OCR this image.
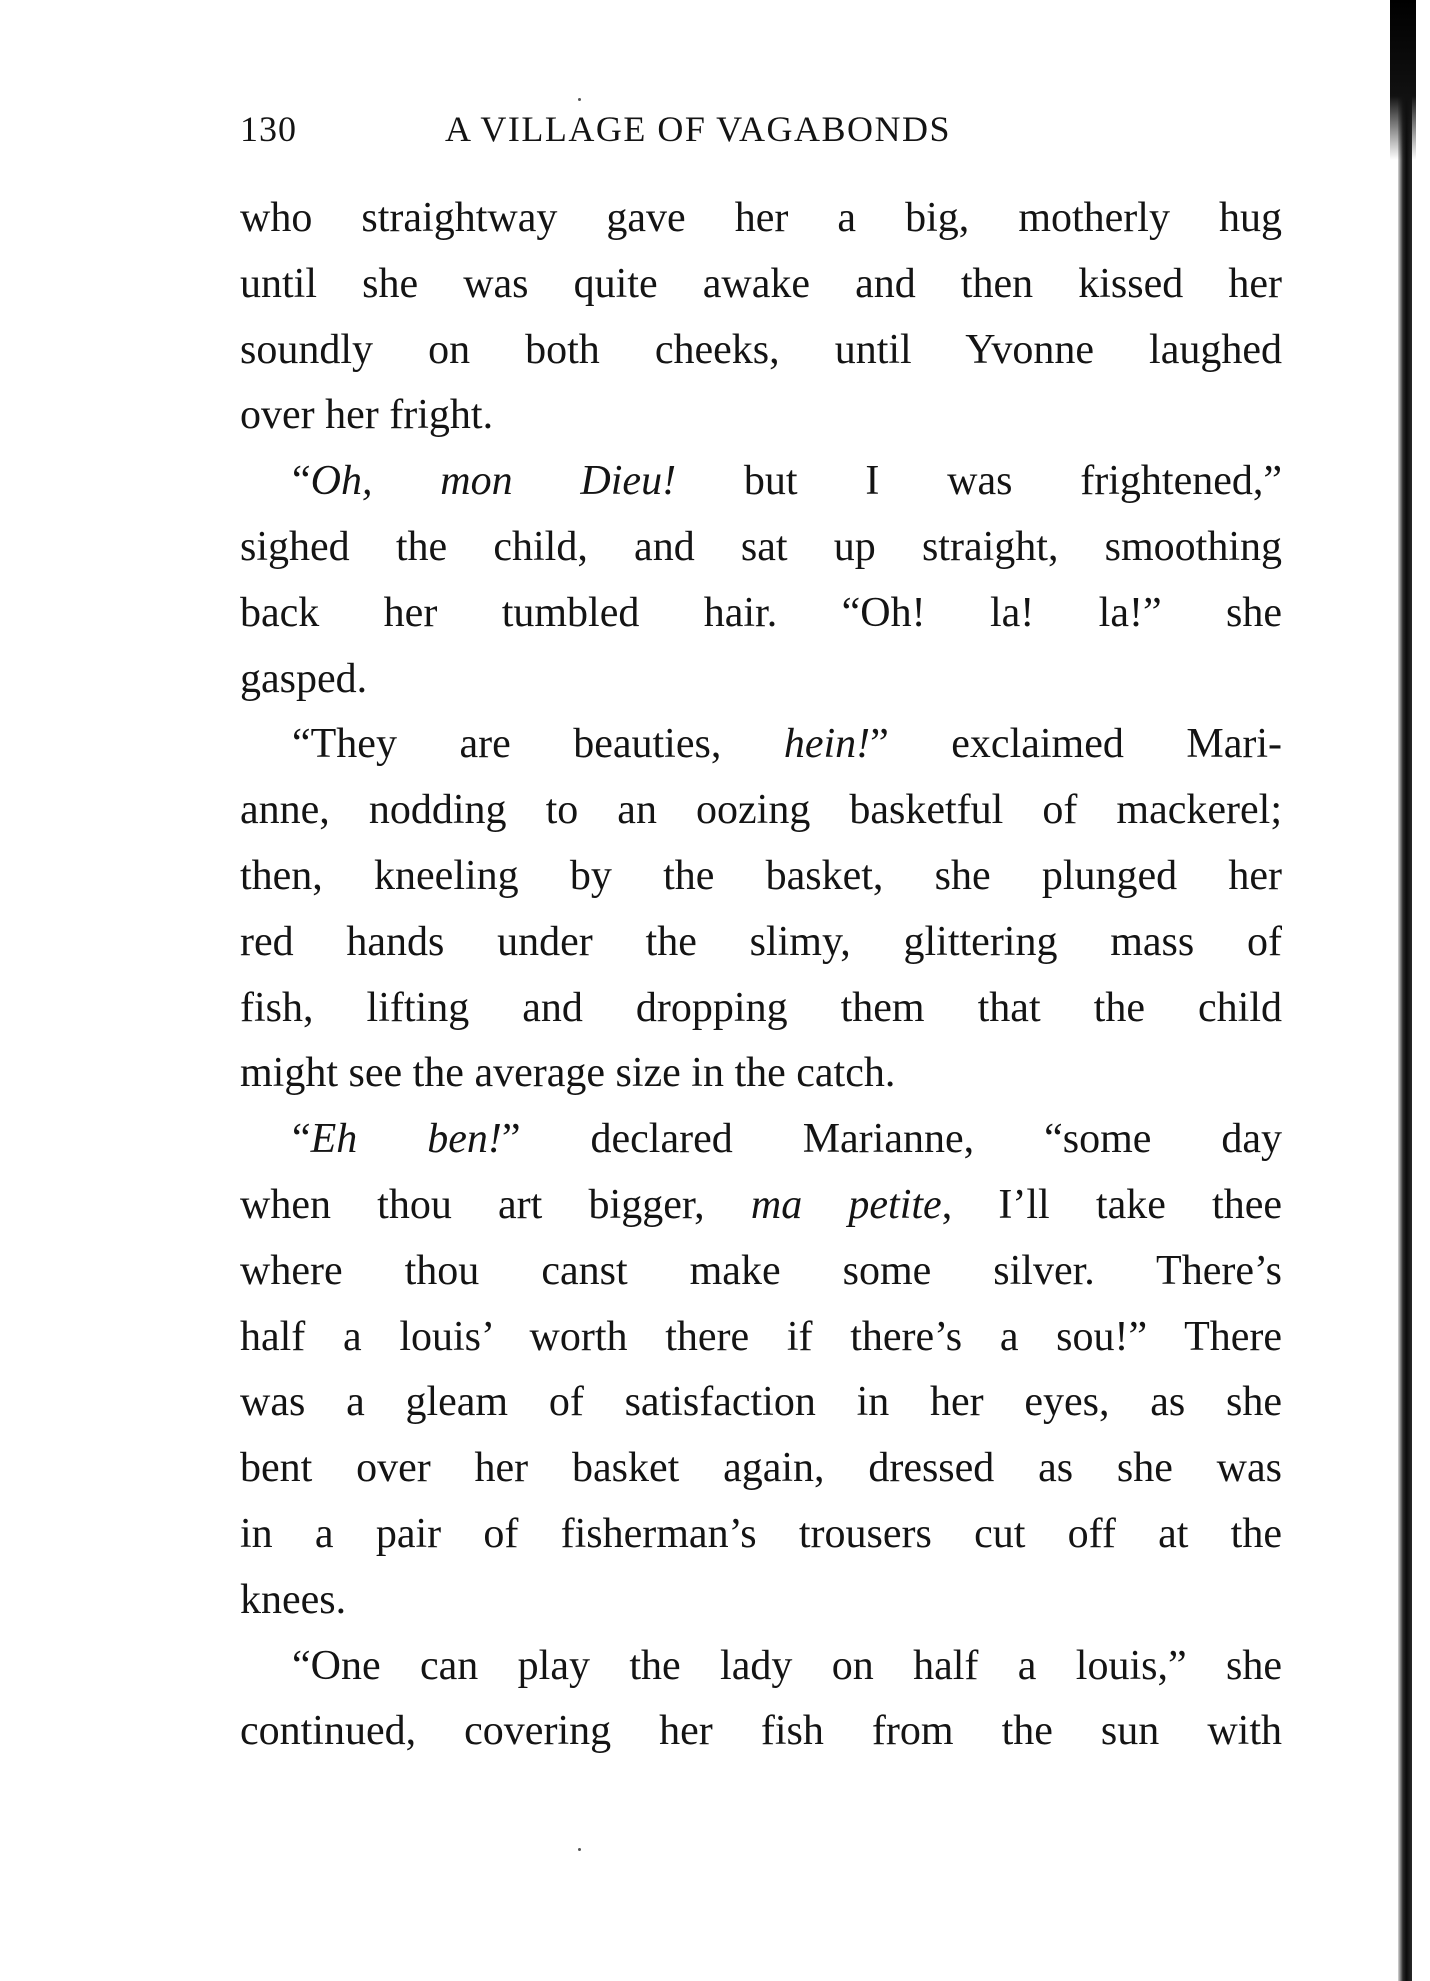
130	A VILLAGE OF VAGABONDS
who straightway gave her a big, motherly hug
until she was quite awake and then kissed her
soundly on both cheeks, until Yvonne laughed
over her fright.
“Oh, mon Dieu! but I was frightened,”
sighed the child, and sat up straight, smoothing
back her tumbled hair. “Oh! la! la!” she
gasped.
“They are beauties, hein!” exclaimed Mari-
anne, nodding to an oozing basketful of mackerel;
then, kneeling by the basket, she plunged her
red hands under the slimy, glittering mass of
fish, lifting and dropping them that the child
might see the average size in the catch.
“Eh ben!” declared Marianne, “some day
when thou art bigger, ma petite, I’ll take thee
where thou canst make some silver. There’s
half a louis’ worth there if there’s a sou!” There
was a gleam of satisfaction in her eyes, as she
bent over her basket again, dressed as she was
in a pair of fisherman’s trousers cut off at the
knees.
“One can play the lady on half a louis,” she
continued, covering her fish from the sun with
